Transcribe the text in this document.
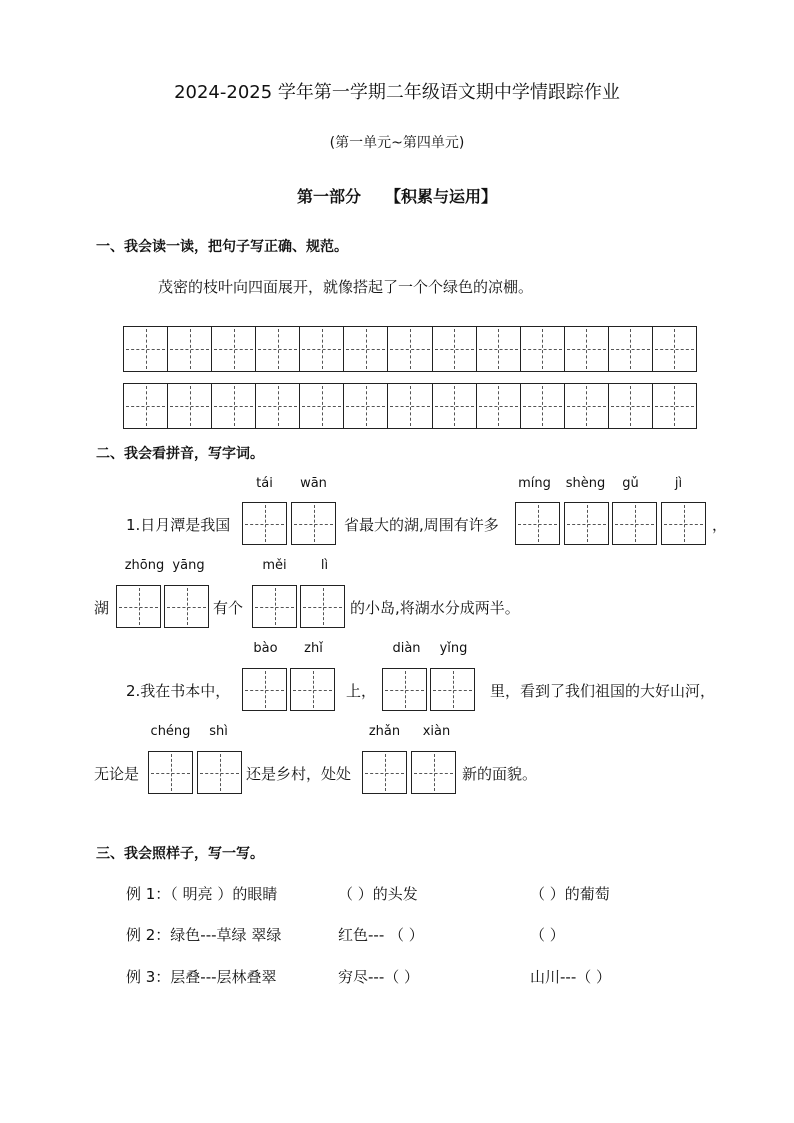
2024-2025 学年第一学期二年级语文期中学情跟踪作业
(第一单元~第四单元)
第一部分 【积累与运用】
一、我会读一读，把句子写正确、规范。
茂密的枝叶向四面展开，就像搭起了一个个绿色的凉棚。
二、我会看拼音，写字词。
tái	wān	míng	shèng	gǔ	jì
1.日月潭是我国	省最大的湖,周围有许多	，
zhōng yāng	měi	lì
湖	有个	的小岛,将湖水分成两半。
bào	zhǐ	diàn	yǐng
2.我在书本中，	上，	里，看到了我们祖国的大好山河，
chéng	shì	zhǎn	xiàn
无论是	还是乡村，处处	新的面貌。
三、我会照样子，写一写。
例 1：（ 明亮 ）的眼睛	（ ）的头发	（ ）的葡萄
例 2：绿色---草绿 翠绿	红色--- （ ）	（ ）
例 3：层叠---层林叠翠	穷尽---（ ）	山川---（ ）
